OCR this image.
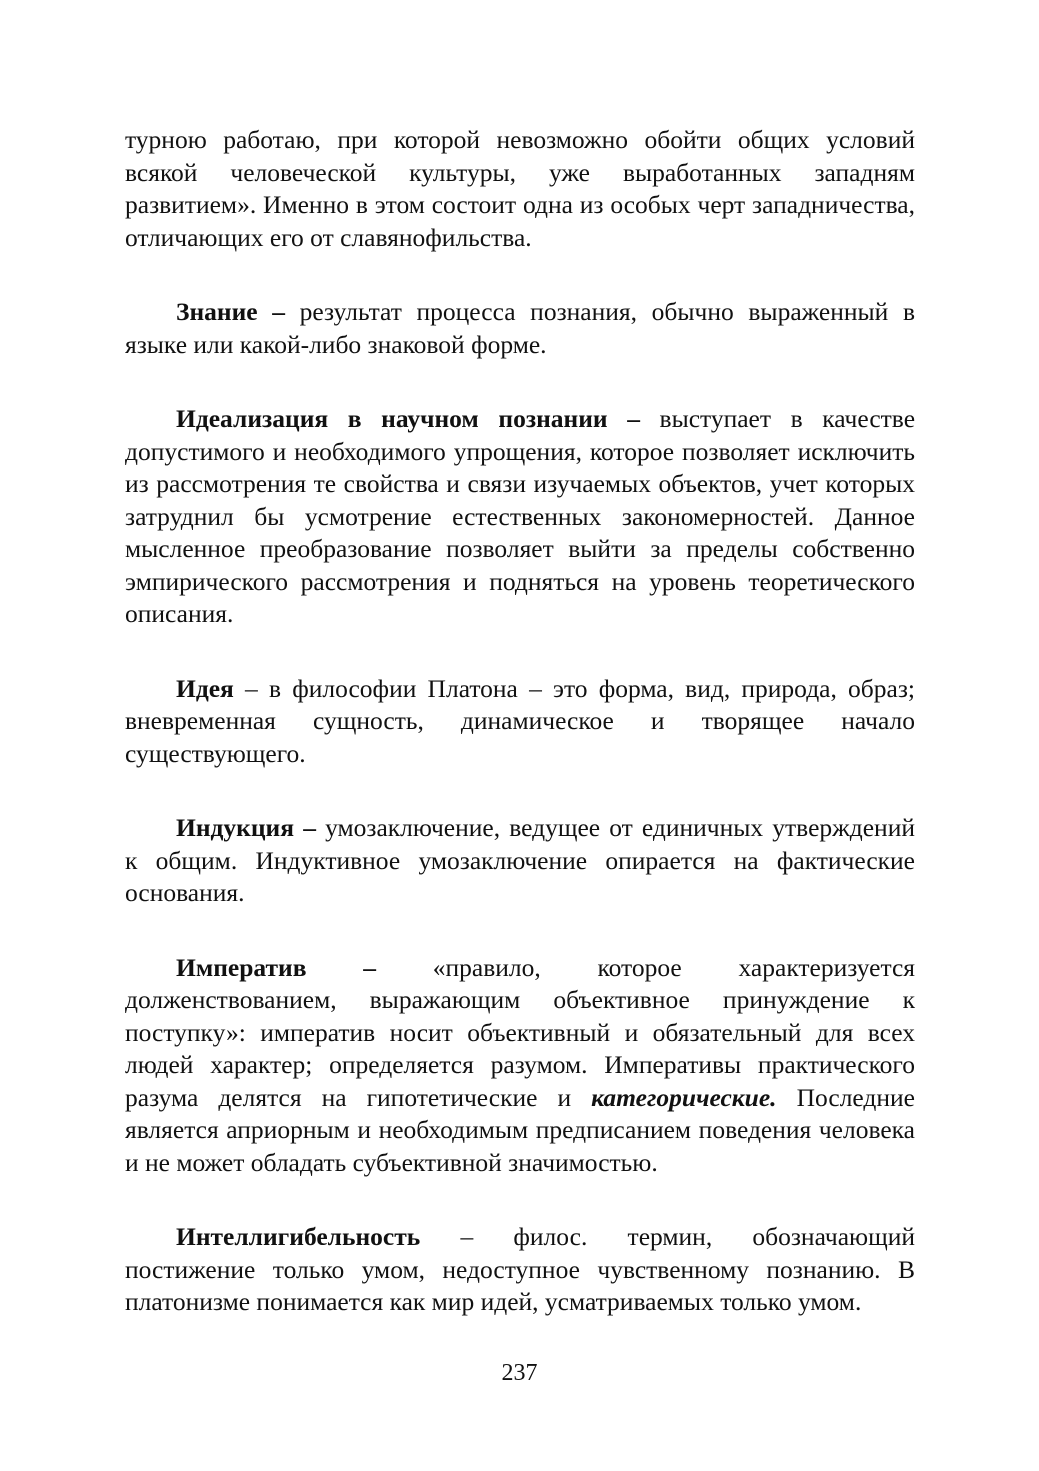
турною работаю, при которой невозможно обойти общих условий всякой человеческой культуры, уже выработанных западням развитием». Именно в этом состоит одна из особых черт западничества, отличающих его от славянофильства.

Знание – результат процесса познания, обычно выраженный в языке или какой-либо знаковой форме.

Идеализация в научном познании – выступает в качестве допустимого и необходимого упрощения, которое позволяет исключить из рассмотрения те свойства и связи изучаемых объектов, учет которых затруднил бы усмотрение естественных закономерностей. Данное мысленное преобразование позволяет выйти за пределы собственно эмпирического рассмотрения и подняться на уровень теоретического описания.

Идея – в философии Платона – это форма, вид, природа, образ; вневременная сущность, динамическое и творящее начало существующего.

Индукция – умозаключение, ведущее от единичных утверждений к общим. Индуктивное умозаключение опирается на фактические основания.

Императив – «правило, которое характеризуется долженствованием, выражающим объективное принуждение к поступку»: императив носит объективный и обязательный для всех людей характер; определяется разумом. Императивы практического разума делятся на гипотетические и категорические. Последние является априорным и необходимым предписанием поведения человека и не может обладать субъективной значимостью.

Интеллигибельность – филос. термин, обозначающий постижение только умом, недоступное чувственному познанию. В платонизме понимается как мир идей, усматриваемых только умом.

237
